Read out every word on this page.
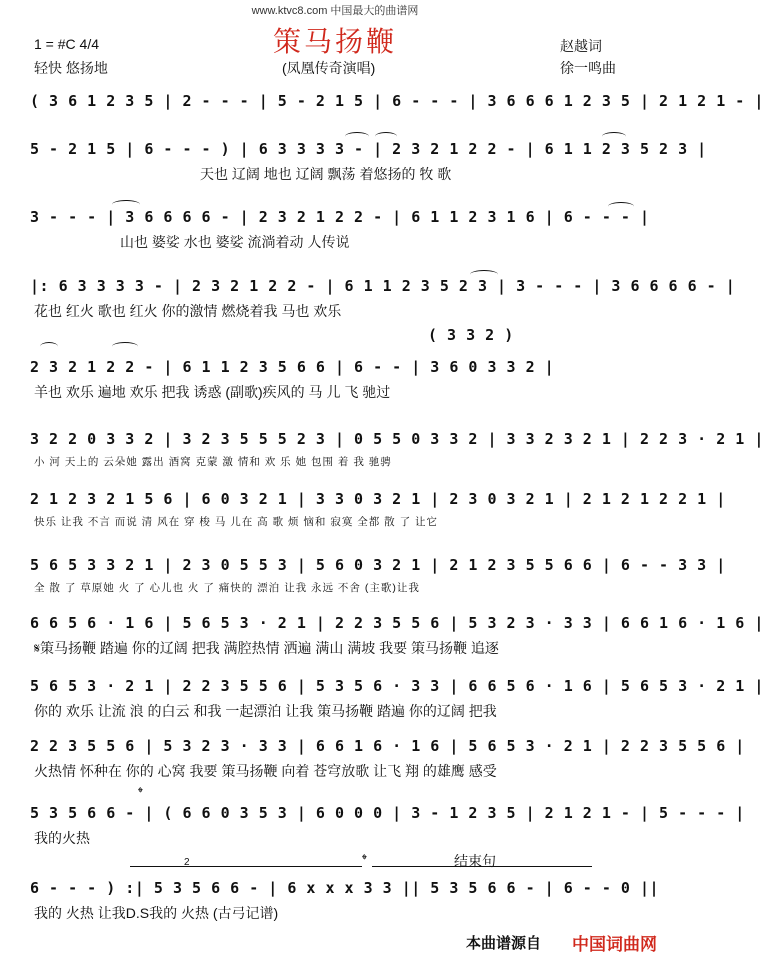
www.ktvc8.com 中国最大的曲谱网
策马扬鞭
1 = #C 4/4
轻快 悠扬地	(凤凰传奇演唱)
赵越词
徐一鸣曲
( 3 6 1 2 3 5 | 2 - - - | 5 - 2 1 5 | 6 - - - | 3 6 6 6 1 2 3 5 | 2 1 2 1 - |
5 - 2 1 5 | 6 - - - ) | 6 3 3 3 3 - | 2 3 2 1 2 2 - | 6 1 1 2 3 5 2 3 |
天也 辽阔 地也 辽阔 飘荡 着悠扬的 牧 歌
3 - - - | 3 6 6 6 6 - | 2 3 2 1 2 2 - | 6 1 1 2 3 1 6 | 6 - - - |
山也 婆娑 水也 婆娑 流淌着动 人传说
|: 6 3 3 3 3 - | 2 3 2 1 2 2 - | 6 1 1 2 3 5 2 3 | 3 - - - | 3 6 6 6 6 - |
花也 红火 歌也 红火 你的激情 燃烧着我 马也 欢乐
2 3 2 1 2 2 - | 6 1 1 2 3 5 6 6 | 6 - - | 3 6 0 3 3 2 |
羊也 欢乐 遍地 欢乐 把我 诱惑 (副歌)疾风的 马 儿 飞 驰过
3 2 2 0 3 3 2 | 3 2 3 5 5 5 2 3 | 0 5 5 0 3 3 2 | 3 3 2 3 2 1 | 2 2 3 · 2 1 |
小 河 天上的 云朵她 露出 酒窝 克蒙 激 情和 欢 乐 她 包围 着 我 驰骋
2 1 2 3 2 1 5 6 | 6 0 3 2 1 | 3 3 0 3 2 1 | 2 3 0 3 2 1 | 2 1 2 1 2 2 1 |
快乐 让我 不言 而说 清 风在 穿 梭 马 儿在 高 歌 烦 恼和 寂寞 全都 散 了 让它
5 6 5 3 3 2 1 | 2 3 0 5 5 3 | 5 6 0 3 2 1 | 2 1 2 3 5 5 6 6 | 6 - - 3 3 |
全 散 了 草原她 火 了 心儿也 火 了 痛快的 漂泊 让我 永远 不舍 (主歌)让我
6 6 5 6 · 1 6 | 5 6 5 3 · 2 1 | 2 2 3 5 5 6 | 5 3 2 3 · 3 3 | 6 6 1 6 · 1 6 |
𝄋策马扬鞭 踏遍 你的辽阔 把我 满腔热情 洒遍 满山 满坡 我要 策马扬鞭 追逐
5 6 5 3 · 2 1 | 2 2 3 5 5 6 | 5 3 5 6 · 3 3 | 6 6 5 6 · 1 6 | 5 6 5 3 · 2 1 |
你的 欢乐 让流 浪 的白云 和我 一起漂泊 让我 策马扬鞭 踏遍 你的辽阔 把我
2 2 3 5 5 6 | 5 3 2 3 · 3 3 | 6 6 1 6 · 1 6 | 5 6 5 3 · 2 1 | 2 2 3 5 5 6 |
火热情 怀种在 你的 心窝 我要 策马扬鞭 向着 苍穹放歌 让飞 翔 的雄鹰 感受
5 3 5 6 6 - | ( 6 6 0 3 5 3 | 6 0 0 0 | 3 - 1 2 3 5 | 2 1 2 1 - | 5 - - - |
我的火热
6 - - - ) :| 5 3 5 6 6 - | 6 x x x 3 3 || 5 3 5 6 6 - | 6 - - 0 ||
我的 火热 让我D.S我的 火热 (古弓记谱)
( 3 3 2 )
𝄌
𝄌	结束句
2
本曲谱源自 中国词曲网
